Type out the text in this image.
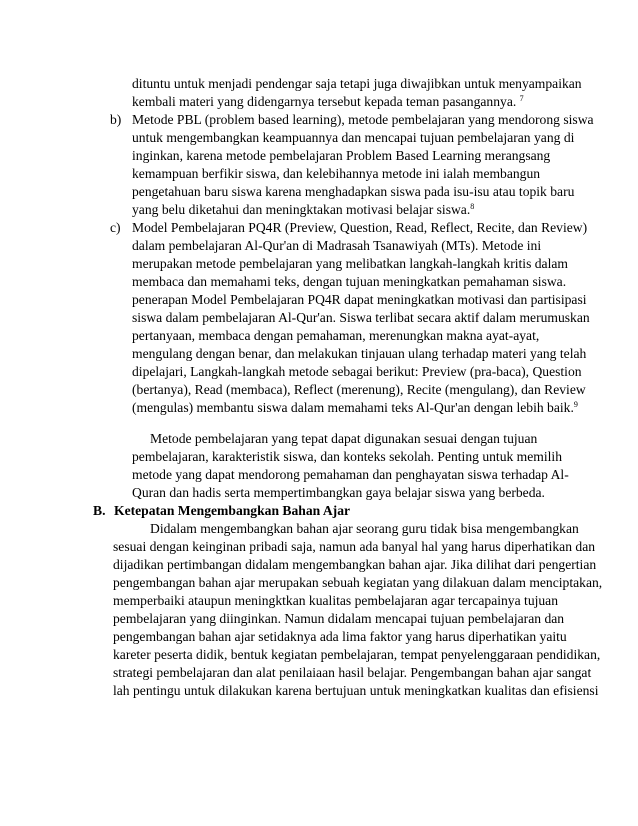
ditu​ntu untuk menjadi pendengar saja tetapi juga diwajibkan untuk menyampaikan
kembali materi yang didengarnya tersebut kepada teman pasangannya. $^7$
b) Metode PBL (problem based learning), metode pembelajaran yang mendorong siswa
untuk mengembangkan keampuannya dan mencapai tujuan pembelajaran yang di
inginkan, karena metode pembelajaran Problem Based Learning merangsang
kemampuan berfikir siswa, dan kelebihannya metode ini ialah membangun
pengetahuan baru siswa karena menghadapkan siswa pada isu-isu atau topik baru
yang belu diketahui dan meningktakan motivasi belajar siswa.$^8$
c) Model Pembelajaran PQ4R (Preview, Question, Read, Reflect, Recite, dan Review)
dalam pembelajaran Al-Qur'an di Madrasah Tsanawiyah (MTs). Metode ini
merupakan metode pembelajaran yang melibatkan langkah-langkah kritis dalam
membaca dan memahami teks, dengan tujuan meningkatkan pemahaman siswa.
penerapan Model Pembelajaran PQ4R dapat meningkatkan motivasi dan partisipasi
siswa dalam pembelajaran Al-Qur'an. Siswa terlibat secara aktif dalam merumuskan
pertanyaan, membaca dengan pemahaman, merenungkan makna ayat-ayat,
mengulang dengan benar, dan melakukan tinjauan ulang terhadap materi yang telah
dipelajari, Langkah-langkah metode sebagai berikut: Preview (pra-baca), Question
(bertanya), Read (membaca), Reflect (merenung), Recite (mengulang), dan Review
(mengulas) membantu siswa dalam memahami teks Al-Qur'an dengan lebih baik.$^9$
Metode pembelajaran yang tepat dapat digunakan sesuai dengan tujuan
pembelajaran, karakteristik siswa, dan konteks sekolah. Penting untuk memilih
metode yang dapat mendorong pemahaman dan penghayatan siswa terhadap Al-
Quran dan hadis serta mempertimbangkan gaya belajar siswa yang berbeda.
B. Ketepatan Mengembangkan Bahan Ajar
Didalam mengembangkan bahan ajar seorang guru tidak bisa mengembangkan
sesuai dengan keinginan pribadi saja, namun ada banyal hal yang harus diperhatikan dan
dijadikan pertimbangan didalam mengembangkan bahan ajar. Jika dilihat dari pengertian
pengembangan bahan ajar merupakan sebuah kegiatan yang dilakuan dalam menciptakan,
memperbaiki ataupun meningktkan kualitas pembelajaran agar tercapainya tujuan
pembelajaran yang diinginkan. Namun didalam mencapai tujuan pembelajaran dan
pengembangan bahan ajar setidaknya ada lima faktor yang harus diperhatikan yaitu
kareter peserta didik, bentuk kegiatan pembelajaran, tempat penyelenggaraan pendidikan,
strategi pembelajaran dan alat penilaiaan hasil belajar. Pengembangan bahan ajar sangat
lah pentingu untuk dilakukan karena bertujuan untuk meningkatkan kualitas dan efisiensi
